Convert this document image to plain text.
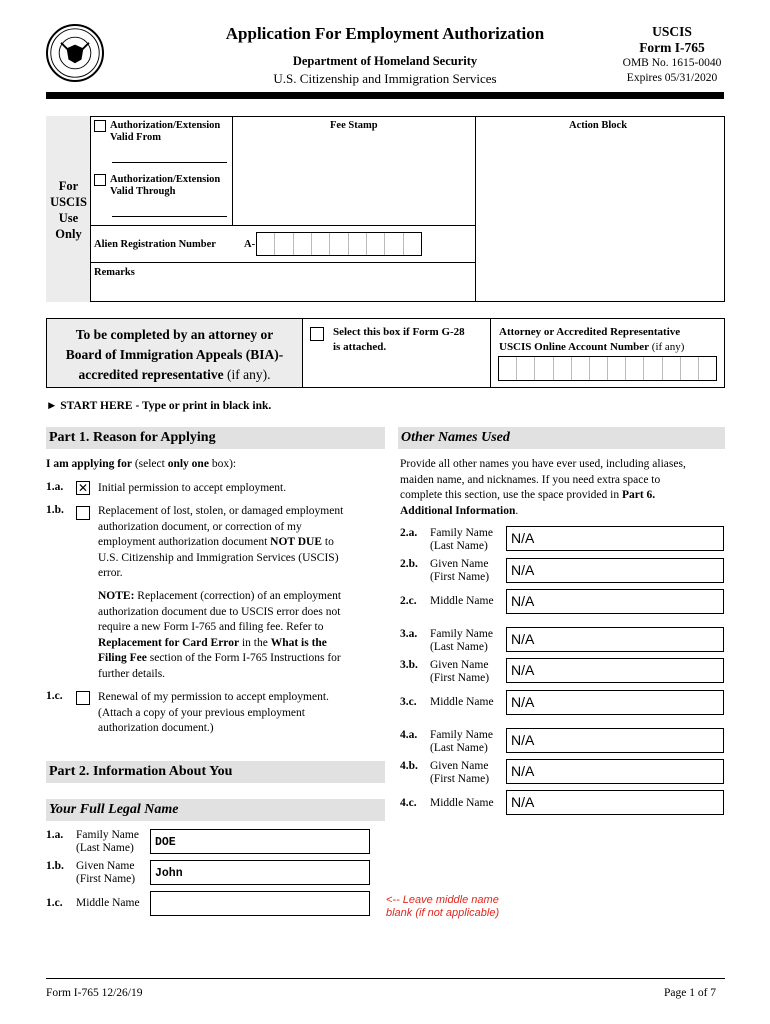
Application For Employment Authorization
Department of Homeland Security
U.S. Citizenship and Immigration Services
USCIS
Form I-765
OMB No. 1615-0040
Expires 05/31/2020
For
USCIS
Use
Only
Authorization/Extension
Valid From
Authorization/Extension
Valid Through
Fee Stamp	Action Block
Alien Registration Number	A-
Remarks
To be completed by an attorney or
Board of Immigration Appeals (BIA)-
accredited representative (if any).
Select this box if Form G-28
is attached.
Attorney or Accredited Representative
USCIS Online Account Number (if any)
► START HERE - Type or print in black ink.
Part 1. Reason for Applying
I am applying for (select only one box):
1.a. ✕ Initial permission to accept employment.
1.b.	Replacement of lost, stolen, or damaged employment
authorization document, or correction of my
employment authorization document NOT DUE to
U.S. Citizenship and Immigration Services (USCIS)
error.
NOTE: Replacement (correction) of an employment
authorization document due to USCIS error does not
require a new Form I-765 and filing fee. Refer to
Replacement for Card Error in the What is the
Filing Fee section of the Form I-765 Instructions for
further details.
1.c.	Renewal of my permission to accept employment.
(Attach a copy of your previous employment
authorization document.)
Part 2. Information About You
Your Full Legal Name
1.a. Family Name
(Last Name)	DOE
1.b. Given Name
(First Name)	John
1.c. Middle Name	<-- Leave middle name
blank (if not applicable)
Other Names Used
Provide all other names you have ever used, including aliases,
maiden name, and nicknames. If you need extra space to
complete this section, use the space provided in Part 6.
Additional Information.
2.a. Family Name
(Last Name)	N/A
2.b. Given Name
(First Name)	N/A
2.c. Middle Name	N/A
3.a. Family Name
(Last Name)	N/A
3.b. Given Name
(First Name)	N/A
3.c. Middle Name	N/A
4.a. Family Name
(Last Name)	N/A
4.b. Given Name
(First Name)	N/A
4.c. Middle Name	N/A
Form I-765 12/26/19	Page 1 of 7
